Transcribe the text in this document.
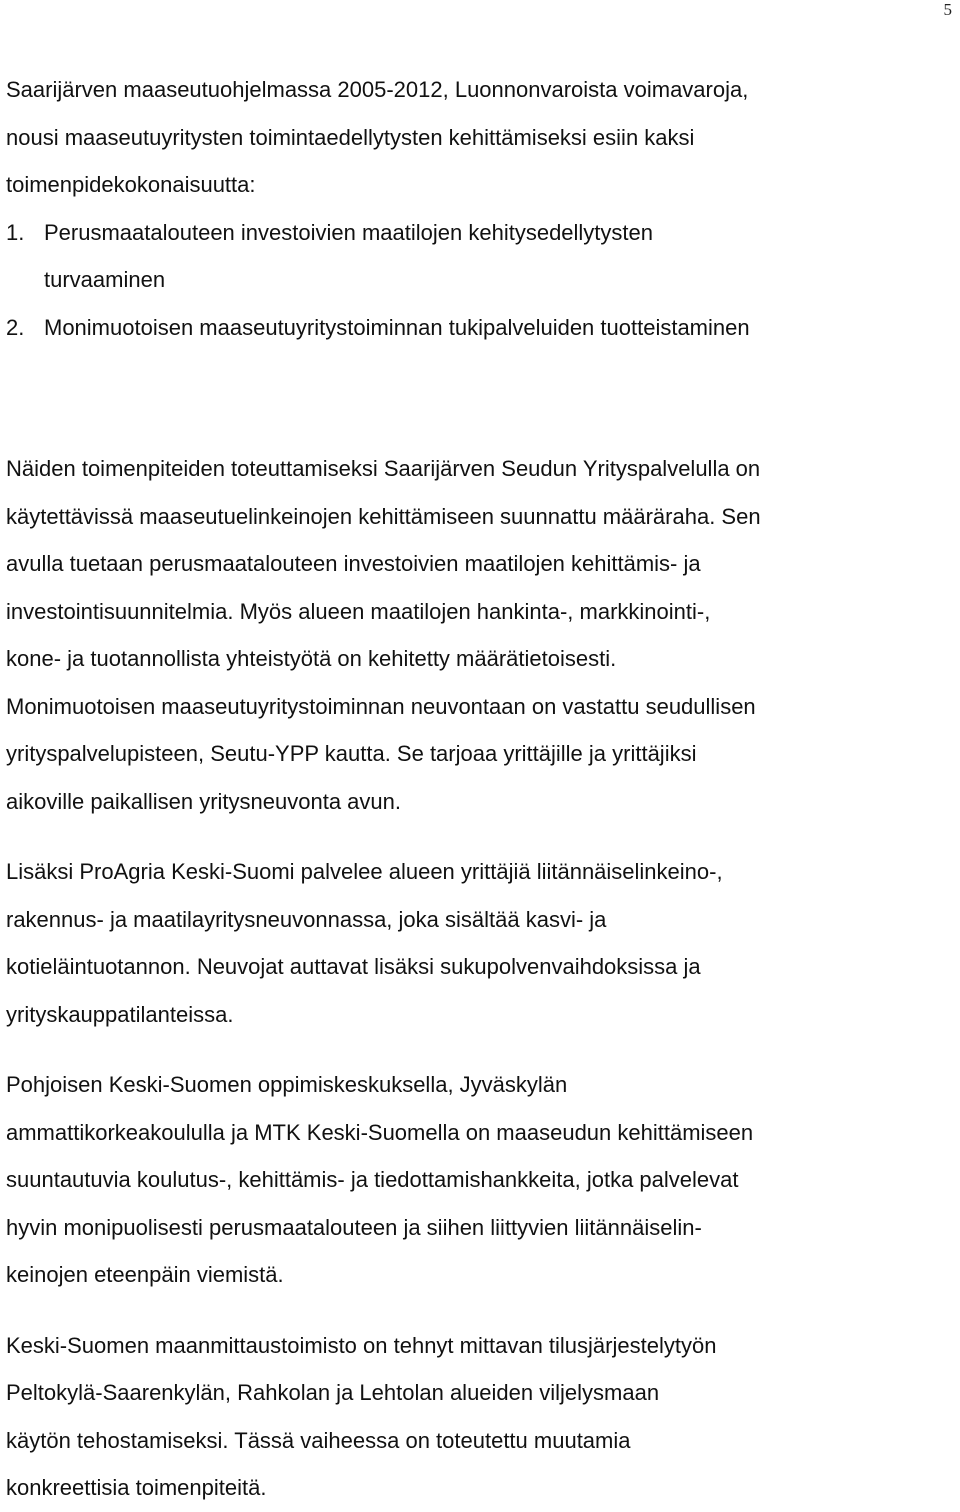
5
Saarijärven maaseutuohjelmassa 2005-2012, Luonnonvaroista voimavaroja,
nousi maaseutuyritysten toimintaedellytysten kehittämiseksi esiin kaksi
toimenpidekokonaisuutta:
1. Perusmaatalouteen investoivien maatilojen kehitysedellytysten
turvaaminen
2. Monimuotoisen maaseutuyritystoiminnan tukipalveluiden tuotteistaminen
Näiden toimenpiteiden toteuttamiseksi Saarijärven Seudun Yrityspalvelulla on
käytettävissä maaseutuelinkeinojen kehittämiseen suunnattu määräraha. Sen
avulla tuetaan perusmaatalouteen investoivien maatilojen kehittämis- ja
investointisuunnitelmia. Myös alueen maatilojen hankinta-, markkinointi-,
kone- ja tuotannollista yhteistyötä on kehitetty määrätietoisesti.
Monimuotoisen maaseutuyritystoiminnan neuvontaan on vastattu seudullisen
yrityspalvelupisteen, Seutu-YPP kautta. Se tarjoaa yrittäjille ja yrittäjiksi
aikoville paikallisen yritysneuvonta avun.
Lisäksi ProAgria Keski-Suomi palvelee alueen yrittäjiä liitännäiselinkeino-,
rakennus- ja maatilayritysneuvonnassa, joka sisältää kasvi- ja
kotieläintuotannon. Neuvojat auttavat lisäksi sukupolvenvaihdoksissa ja
yrityskauppatilanteissa.
Pohjoisen Keski-Suomen oppimiskeskuksella, Jyväskylän
ammattikorkeakoululla ja MTK Keski-Suomella on maaseudun kehittämiseen
suuntautuvia koulutus-, kehittämis- ja tiedottamishankkeita, jotka palvelevat
hyvin monipuolisesti perusmaatalouteen ja siihen liittyvien liitännäiselin-
keinojen eteenpäin viemistä.
Keski-Suomen maanmittaustoimisto on tehnyt mittavan tilusjärjestelytyön
Peltokylä-Saarenkylän, Rahkolan ja Lehtolan alueiden viljelysmaan
käytön tehostamiseksi. Tässä vaiheessa on toteutettu muutamia
konkreettisia toimenpiteitä.
